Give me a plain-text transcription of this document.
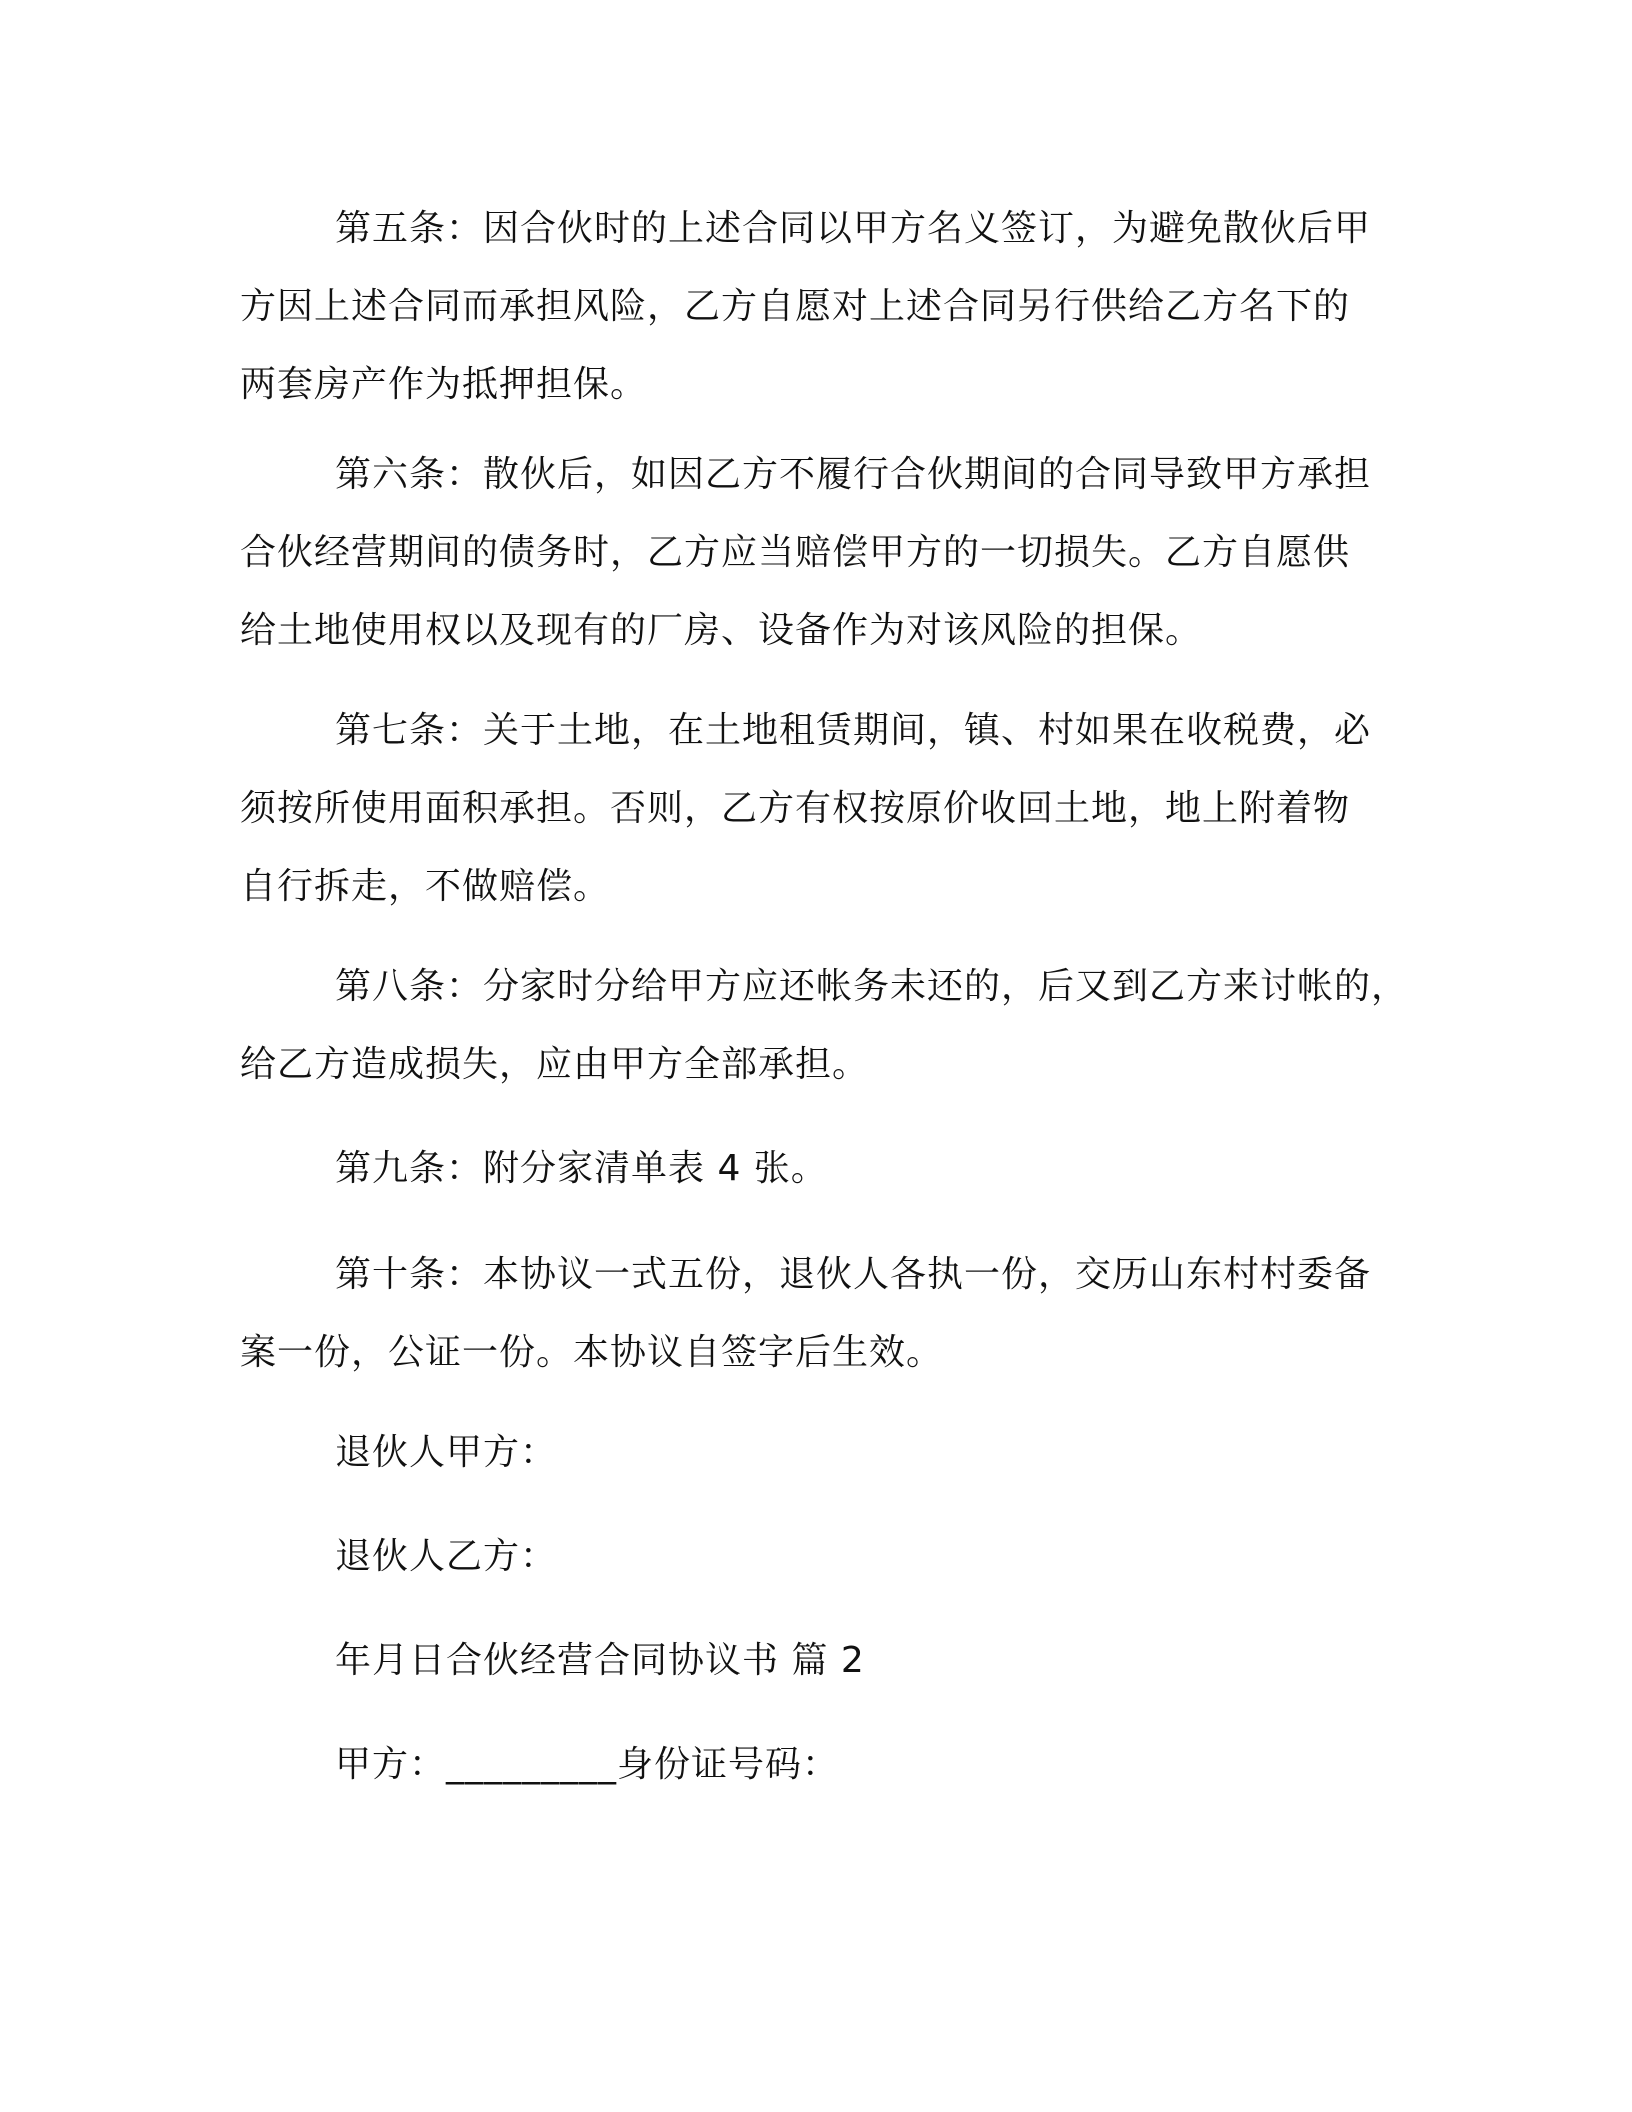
第五条：因合伙时的上述合同以甲方名义签订，为避免散伙后甲
方因上述合同而承担风险，乙方自愿对上述合同另行供给乙方名下的
两套房产作为抵押担保。

第六条：散伙后，如因乙方不履行合伙期间的合同导致甲方承担
合伙经营期间的债务时，乙方应当赔偿甲方的一切损失。乙方自愿供
给土地使用权以及现有的厂房、设备作为对该风险的担保。

第七条：关于土地，在土地租赁期间，镇、村如果在收税费，必
须按所使用面积承担。否则，乙方有权按原价收回土地，地上附着物
自行拆走，不做赔偿。

第八条：分家时分给甲方应还帐务未还的，后又到乙方来讨帐的，
给乙方造成损失，应由甲方全部承担。

第九条：附分家清单表 4 张。

第十条：本协议一式五份，退伙人各执一份，交历山东村村委备
案一份，公证一份。本协议自签字后生效。

退伙人甲方：

退伙人乙方：

年月日合伙经营合同协议书 篇 2

甲方：_________身份证号码：
